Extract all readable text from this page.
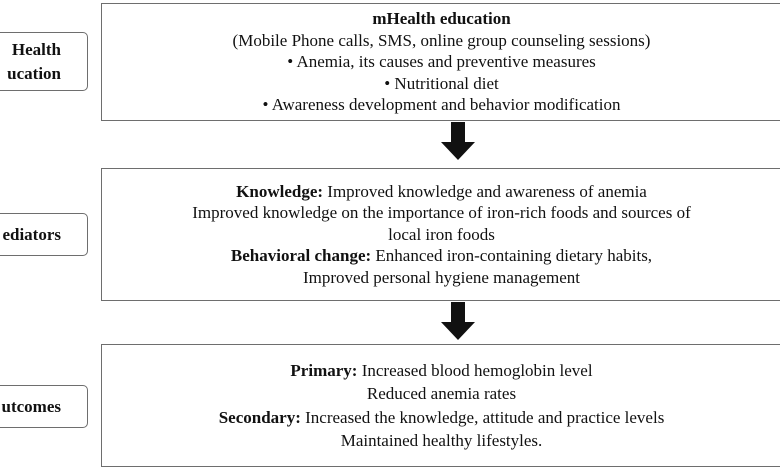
Health
ucation
mHealth education
(Mobile Phone calls, SMS, online group counseling sessions)
• Anemia, its causes and preventive measures
• Nutritional diet
• Awareness development and behavior modification
ediators
Knowledge: Improved knowledge and awareness of anemia
Improved knowledge on the importance of iron-rich foods and sources of
local iron foods
Behavioral change: Enhanced iron-containing dietary habits,
Improved personal hygiene management
utcomes
Primary: Increased blood hemoglobin level
Reduced anemia rates
Secondary: Increased the knowledge, attitude and practice levels
Maintained healthy lifestyles.
